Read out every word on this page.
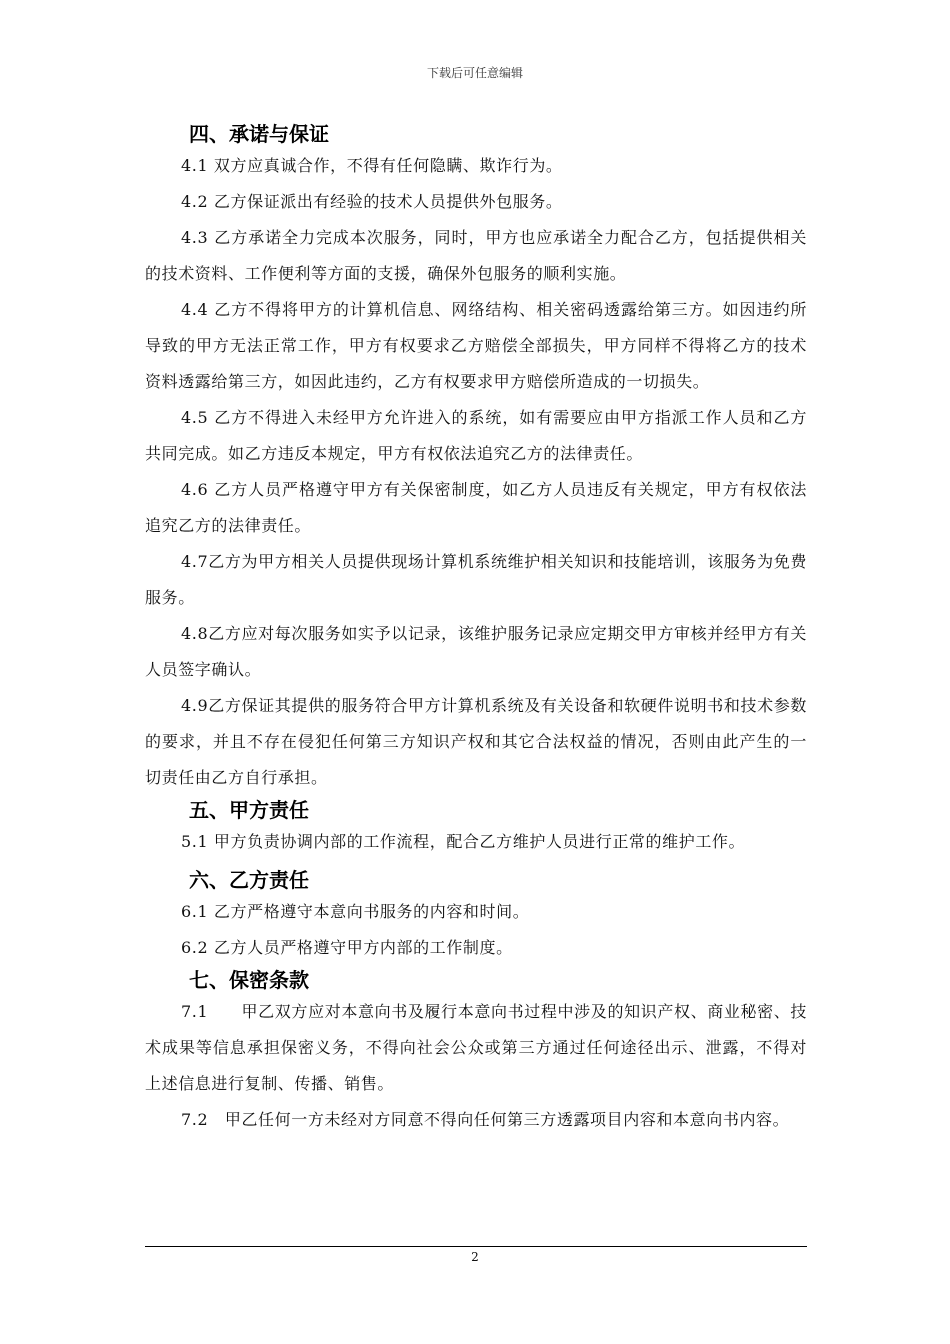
下载后可任意编辑
四、承诺与保证

4.1 双方应真诚合作，不得有任何隐瞒、欺诈行为。

4.2 乙方保证派出有经验的技术人员提供外包服务。

4.3 乙方承诺全力完成本次服务，同时，甲方也应承诺全力配合乙方，包括提供相关的技术资料、工作便利等方面的支援，确保外包服务的顺利实施。

4.4 乙方不得将甲方的计算机信息、网络结构、相关密码透露给第三方。如因违约所导致的甲方无法正常工作，甲方有权要求乙方赔偿全部损失，甲方同样不得将乙方的技术资料透露给第三方，如因此违约，乙方有权要求甲方赔偿所造成的一切损失。

4.5 乙方不得进入未经甲方允许进入的系统，如有需要应由甲方指派工作人员和乙方共同完成。如乙方违反本规定，甲方有权依法追究乙方的法律责任。

4.6 乙方人员严格遵守甲方有关保密制度，如乙方人员违反有关规定，甲方有权依法追究乙方的法律责任。

4.7乙方为甲方相关人员提供现场计算机系统维护相关知识和技能培训，该服务为免费服务。

4.8乙方应对每次服务如实予以记录，该维护服务记录应定期交甲方审核并经甲方有关人员签字确认。

4.9乙方保证其提供的服务符合甲方计算机系统及有关设备和软硬件说明书和技术参数的要求，并且不存在侵犯任何第三方知识产权和其它合法权益的情况，否则由此产生的一切责任由乙方自行承担。

五、甲方责任

5.1 甲方负责协调内部的工作流程，配合乙方维护人员进行正常的维护工作。

六、乙方责任

6.1 乙方严格遵守本意向书服务的内容和时间。

6.2 乙方人员严格遵守甲方内部的工作制度。

七、保密条款

7.1　　甲乙双方应对本意向书及履行本意向书过程中涉及的知识产权、商业秘密、技术成果等信息承担保密义务，不得向社会公众或第三方通过任何途径出示、泄露，不得对上述信息进行复制、传播、销售。

7.2　甲乙任何一方未经对方同意不得向任何第三方透露项目内容和本意向书内容。

2
